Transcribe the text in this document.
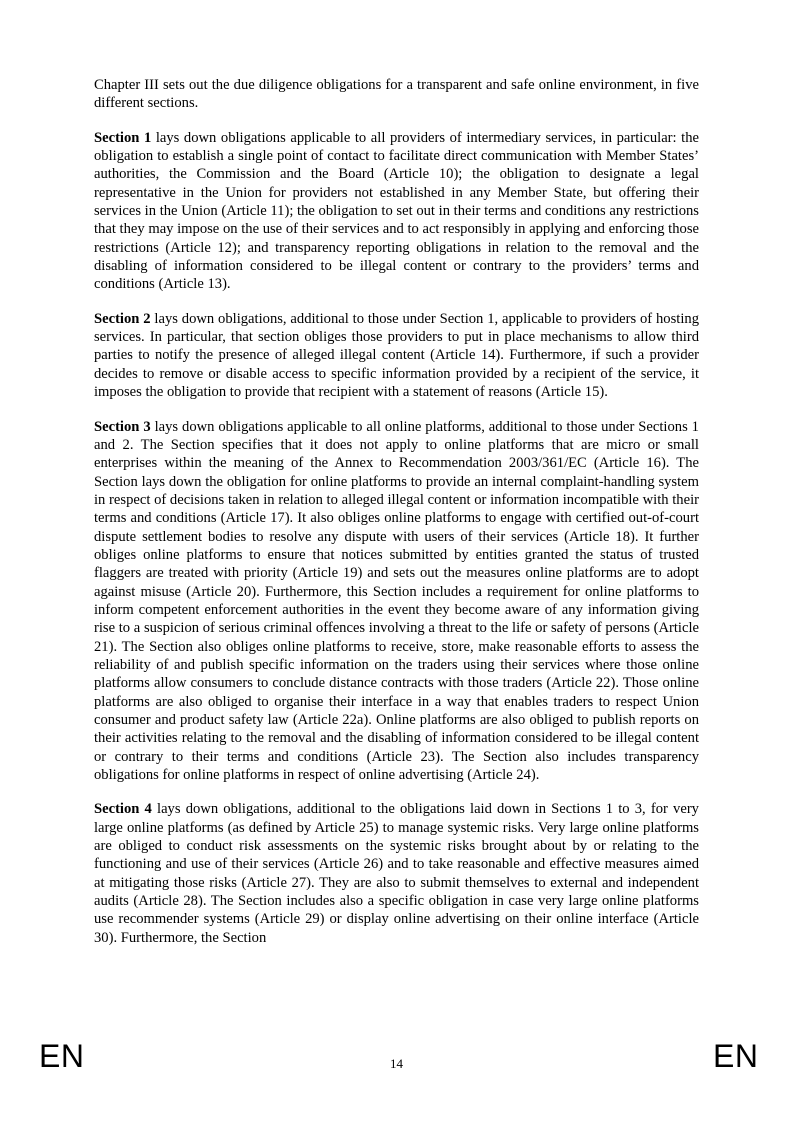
Chapter III sets out the due diligence obligations for a transparent and safe online environment, in five different sections.

Section 1 lays down obligations applicable to all providers of intermediary services, in particular: the obligation to establish a single point of contact to facilitate direct communication with Member States’ authorities, the Commission and the Board (Article 10); the obligation to designate a legal representative in the Union for providers not established in any Member State, but offering their services in the Union (Article 11); the obligation to set out in their terms and conditions any restrictions that they may impose on the use of their services and to act responsibly in applying and enforcing those restrictions (Article 12); and transparency reporting obligations in relation to the removal and the disabling of information considered to be illegal content or contrary to the providers’ terms and conditions (Article 13).

Section 2 lays down obligations, additional to those under Section 1, applicable to providers of hosting services. In particular, that section obliges those providers to put in place mechanisms to allow third parties to notify the presence of alleged illegal content (Article 14). Furthermore, if such a provider decides to remove or disable access to specific information provided by a recipient of the service, it imposes the obligation to provide that recipient with a statement of reasons (Article 15).

Section 3 lays down obligations applicable to all online platforms, additional to those under Sections 1 and 2. The Section specifies that it does not apply to online platforms that are micro or small enterprises within the meaning of the Annex to Recommendation 2003/361/EC (Article 16). The Section lays down the obligation for online platforms to provide an internal complaint-handling system in respect of decisions taken in relation to alleged illegal content or information incompatible with their terms and conditions (Article 17). It also obliges online platforms to engage with certified out-of-court dispute settlement bodies to resolve any dispute with users of their services (Article 18). It further obliges online platforms to ensure that notices submitted by entities granted the status of trusted flaggers are treated with priority (Article 19) and sets out the measures online platforms are to adopt against misuse (Article 20). Furthermore, this Section includes a requirement for online platforms to inform competent enforcement authorities in the event they become aware of any information giving rise to a suspicion of serious criminal offences involving a threat to the life or safety of persons (Article 21). The Section also obliges online platforms to receive, store, make reasonable efforts to assess the reliability of and publish specific information on the traders using their services where those online platforms allow consumers to conclude distance contracts with those traders (Article 22). Those online platforms are also obliged to organise their interface in a way that enables traders to respect Union consumer and product safety law (Article 22a). Online platforms are also obliged to publish reports on their activities relating to the removal and the disabling of information considered to be illegal content or contrary to their terms and conditions (Article 23). The Section also includes transparency obligations for online platforms in respect of online advertising (Article 24).

Section 4 lays down obligations, additional to the obligations laid down in Sections 1 to 3, for very large online platforms (as defined by Article 25) to manage systemic risks. Very large online platforms are obliged to conduct risk assessments on the systemic risks brought about by or relating to the functioning and use of their services (Article 26) and to take reasonable and effective measures aimed at mitigating those risks (Article 27). They are also to submit themselves to external and independent audits (Article 28). The Section includes also a specific obligation in case very large online platforms use recommender systems (Article 29) or display online advertising on their online interface (Article 30). Furthermore, the Section

EN	14	EN
